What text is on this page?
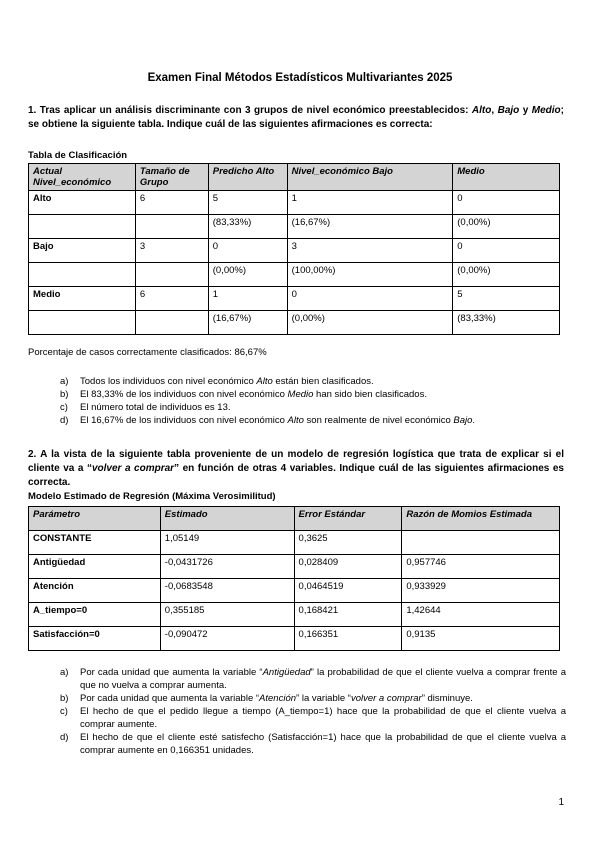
Examen Final Métodos Estadísticos Multivariantes 2025
1. Tras aplicar un análisis discriminante con 3 grupos de nivel económico preestablecidos: Alto, Bajo y Medio; se obtiene la siguiente tabla. Indique cuál de las siguientes afirmaciones es correcta:
Tabla de Clasificación
Actual Nivel_económico	Tamaño de Grupo	Predicho Alto	Nivel_económico Bajo	Medio
Alto	6	5	1	0
		(83,33%)	(16,67%)	(0,00%)
Bajo	3	0	3	0
		(0,00%)	(100,00%)	(0,00%)
Medio	6	1	0	5
		(16,67%)	(0,00%)	(83,33%)
Porcentaje de casos correctamente clasificados: 86,67%
a) Todos los individuos con nivel económico Alto están bien clasificados.
b) El 83,33% de los individuos con nivel económico Medio han sido bien clasificados.
c) El número total de individuos es 13.
d) El 16,67% de los individuos con nivel económico Alto son realmente de nivel económico Bajo.
2. A la vista de la siguiente tabla proveniente de un modelo de regresión logística que trata de explicar si el cliente va a “volver a comprar” en función de otras 4 variables. Indique cuál de las siguientes afirmaciones es correcta.
Modelo Estimado de Regresión (Máxima Verosimilitud)
Parámetro	Estimado	Error Estándar	Razón de Momios Estimada
CONSTANTE	1,05149	0,3625	
Antigüedad	-0,0431726	0,028409	0,957746
Atención	-0,0683548	0,0464519	0,933929
A_tiempo=0	0,355185	0,168421	1,42644
Satisfacción=0	-0,090472	0,166351	0,9135
a) Por cada unidad que aumenta la variable “Antigüedad” la probabilidad de que el cliente vuelva a comprar frente a que no vuelva a comprar aumenta.
b) Por cada unidad que aumenta la variable “Atención” la variable “volver a comprar” disminuye.
c) El hecho de que el pedido llegue a tiempo (A_tiempo=1) hace que la probabilidad de que el cliente vuelva a comprar aumente.
d) El hecho de que el cliente esté satisfecho (Satisfacción=1) hace que la probabilidad de que el cliente vuelva a comprar aumente en 0,166351 unidades.
1
